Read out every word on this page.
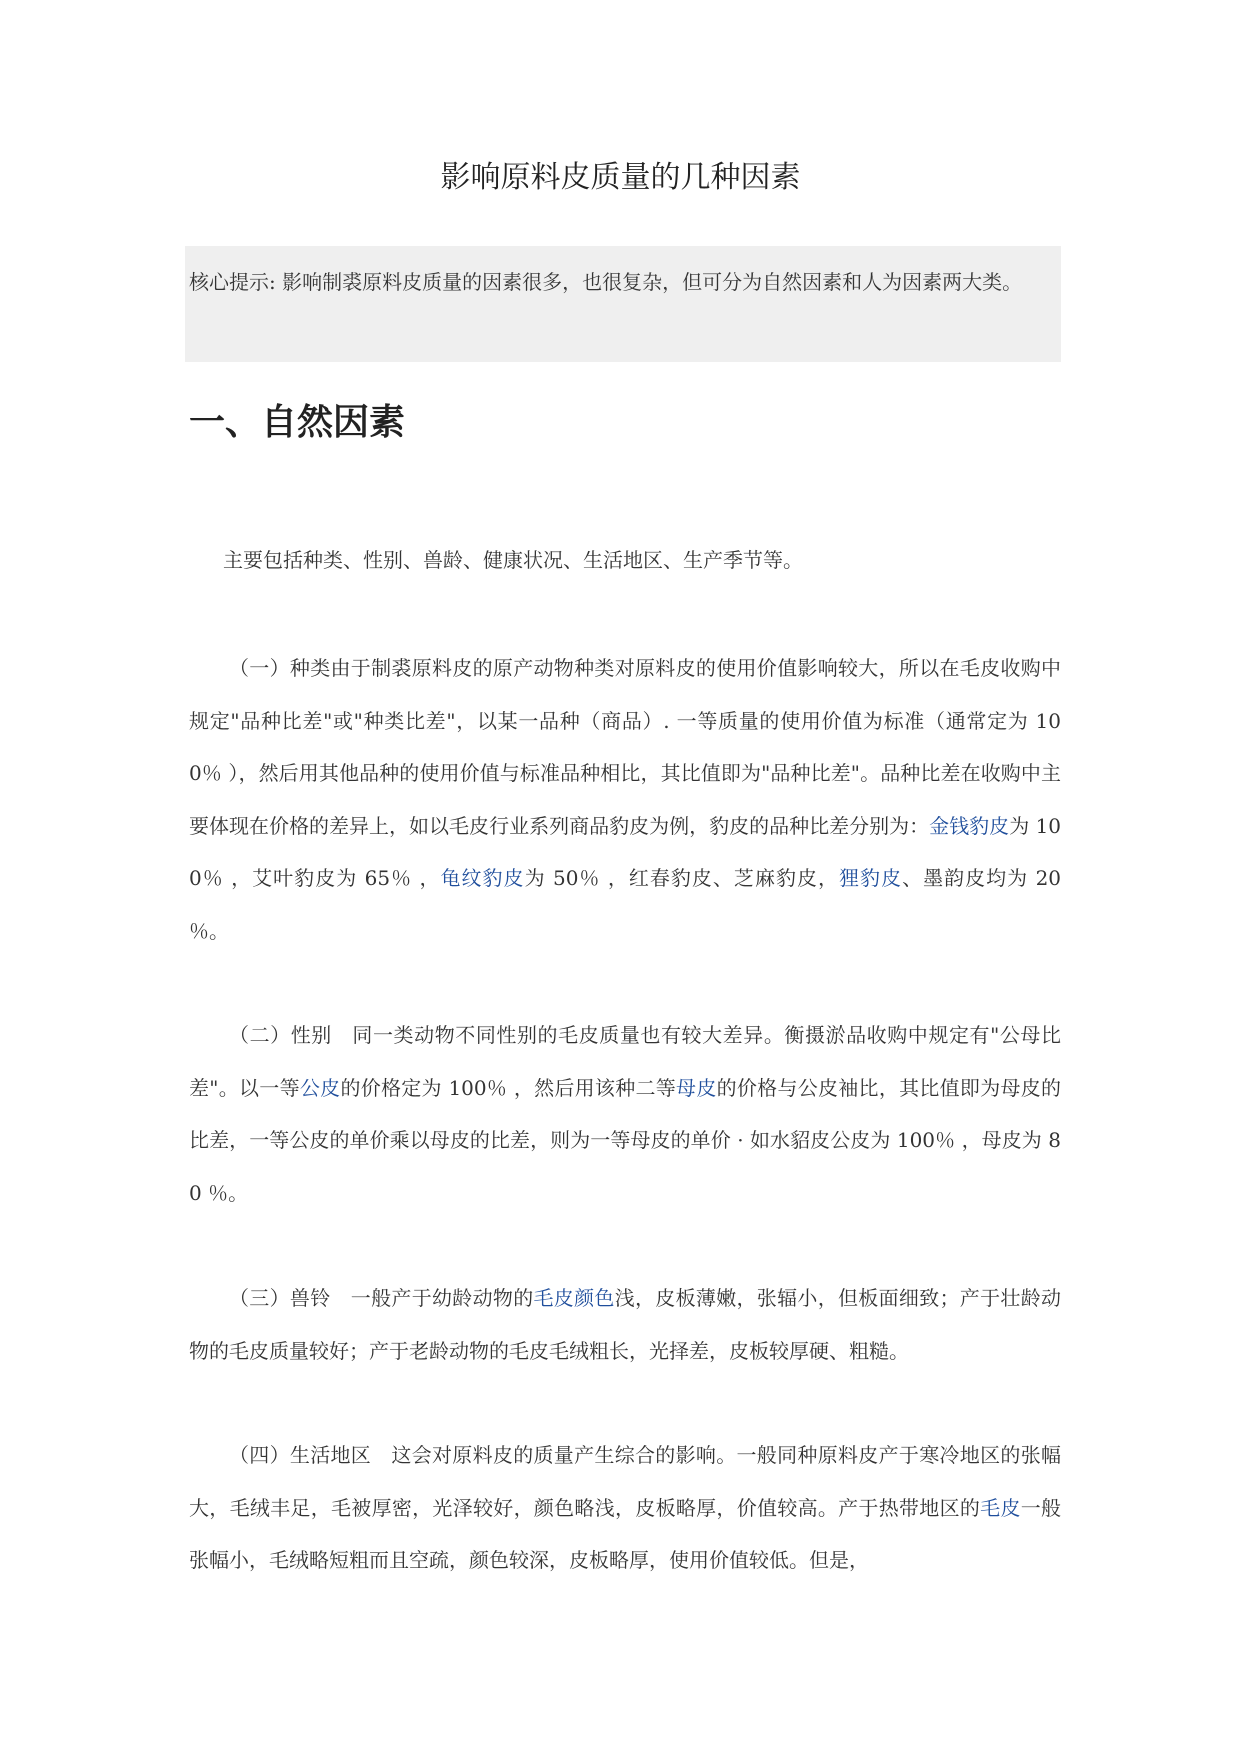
影响原料皮质量的几种因素
核心提示: 影响制裘原料皮质量的因素很多，也很复杂，但可分为自然因素和人为因素两大类。
一、自然因素

主要包括种类、性别、兽龄、健康状况、生活地区、生产季节等。

（一）种类由于制裘原料皮的原产动物种类对原料皮的使用价值影响较大，所以在毛皮收购中规定"品种比差"或"种类比差"，以某一品种（商品）. 一等质量的使用价值为标准（通常定为 100％ ），然后用其他品种的使用价值与标准品种相比，其比值即为"品种比差"。品种比差在收购中主要体现在价格的差异上，如以毛皮行业系列商品豹皮为例，豹皮的品种比差分别为：金钱豹皮为 100％ ，艾叶豹皮为 65％ ，龟纹豹皮为 50％ ，红春豹皮、芝麻豹皮，狸豹皮、墨韵皮均为 20 ％。

（二）性别　同一类动物不同性别的毛皮质量也有较大差异。衡摄淤品收购中规定有"公母比差"。以一等公皮的价格定为 100％ ，然后用该种二等母皮的价格与公皮袖比，其比值即为母皮的比差，一等公皮的单价乘以母皮的比差，则为一等母皮的单价 · 如水貂皮公皮为 100％ ，母皮为 80 ％。

（三）兽铃　一般产于幼龄动物的毛皮颜色浅，皮板薄嫩，张辐小，但板面细致；产于壮龄动物的毛皮质量较好；产于老龄动物的毛皮毛绒粗长，光择差，皮板较厚硬、粗糙。

（四）生活地区　这会对原料皮的质量产生综合的影响。一般同种原料皮产于寒冷地区的张幅大，毛绒丰足，毛被厚密，光泽较好，颜色略浅，皮板略厚，价值较高。产于热带地区的毛皮一般张幅小，毛绒略短粗而且空疏，颜色较深，皮板略厚，使用价值较低。但是，
